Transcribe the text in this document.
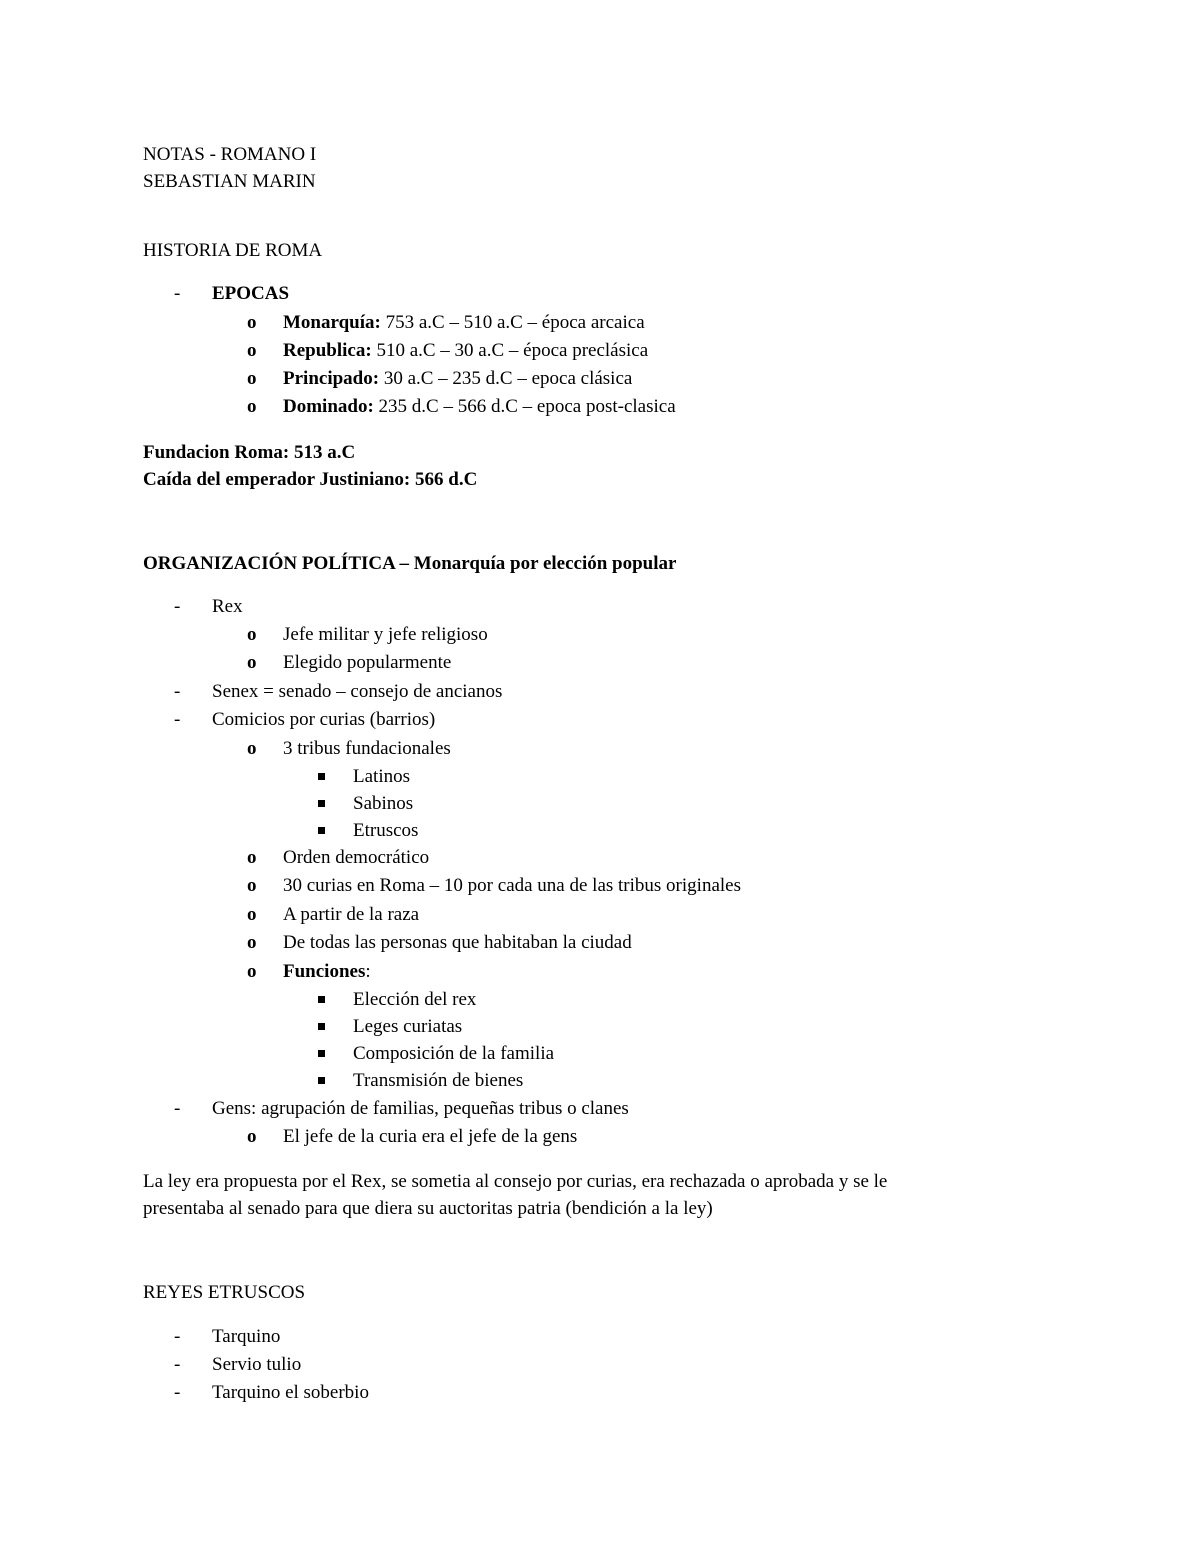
NOTAS - ROMANO I
SEBASTIAN MARIN
HISTORIA DE ROMA
- EPOCAS
o Monarquía: 753 a.C – 510 a.C – época arcaica
o Republica: 510 a.C – 30 a.C – época preclásica
o Principado: 30 a.C – 235 d.C – epoca clásica
o Dominado: 235 d.C – 566 d.C – epoca post-clasica
Fundacion Roma: 513 a.C
Caída del emperador Justiniano: 566 d.C
ORGANIZACIÓN POLÍTICA – Monarquía por elección popular
- Rex
o Jefe militar y jefe religioso
o Elegido popularmente
- Senex = senado – consejo de ancianos
- Comicios por curias (barrios)
o 3 tribus fundacionales
Latinos
Sabinos
Etruscos
o Orden democrático
o 30 curias en Roma – 10 por cada una de las tribus originales
o A partir de la raza
o De todas las personas que habitaban la ciudad
o Funciones:
Elección del rex
Leges curiatas
Composición de la familia
Transmisión de bienes
- Gens: agrupación de familias, pequeñas tribus o clanes
o El jefe de la curia era el jefe de la gens
La ley era propuesta por el Rex, se sometia al consejo por curias, era rechazada o aprobada y se le
presentaba al senado para que diera su auctoritas patria (bendición a la ley)
REYES ETRUSCOS
- Tarquino
- Servio tulio
- Tarquino el soberbio
